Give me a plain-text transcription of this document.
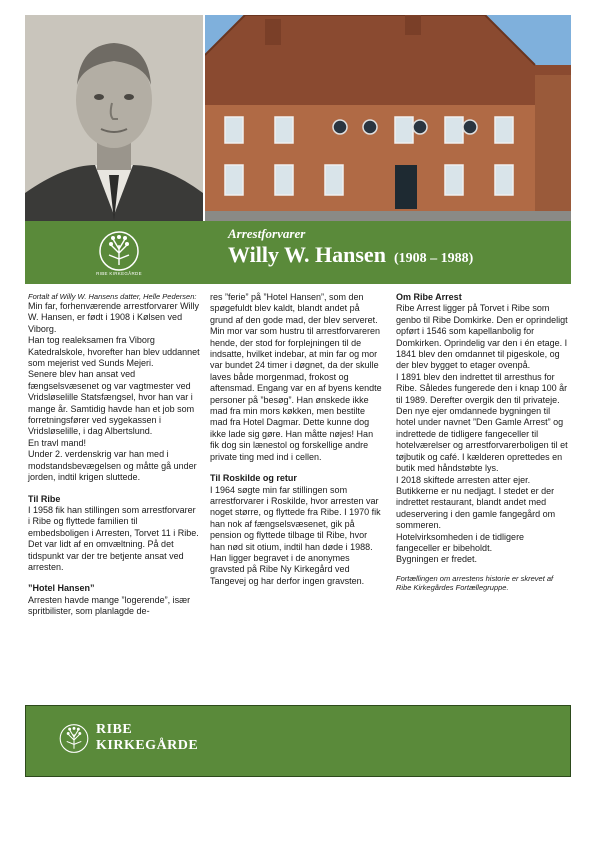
RIBE KIRKEGÅRDE
Arrestforvarer
Willy W. Hansen (1908 – 1988)

Fortalt af Willy W. Hansens datter, Helle Pedersen:

Min far, forhenværende arrestforvarer Willy W. Hansen, er født i 1908 i Kølsen ved Viborg.

Han tog realeksamen fra Viborg Katedralskole, hvorefter han blev uddannet som mejerist ved Sunds Mejeri.

Senere blev han ansat ved fængselsvæsenet og var vagtmester ved Vridsløselille Statsfængsel, hvor han var i mange år. Samtidig havde han et job som forretningsfører ved sygekassen i Vridsløselille, i dag Albertslund.

En travl mand!

Under 2. verdenskrig var han med i modstandsbevægelsen og måtte gå under jorden, indtil krigen sluttede.

Til Ribe

I 1958 fik han stillingen som arrestforvarer i Ribe og flyttede familien til embedsboligen i Arresten, Torvet 11 i Ribe. Det var lidt af en omvæltning. På det tidspunkt var der tre betjente ansat ved arresten.

”Hotel Hansen”

Arresten havde mange ”logerende”, især spritbilister, som planlagde de-

res ”ferie” på ”Hotel Hansen”, som den spøgefuldt blev kaldt, blandt andet på grund af den gode mad, der blev serveret.

Min mor var som hustru til arrestforvareren hende, der stod for forplejningen til de indsatte, hvilket indebar, at min far og mor var bundet 24 timer i døgnet, da der skulle laves både morgenmad, frokost og aftensmad. Engang var en af byens kendte personer på ”besøg”. Han ønskede ikke mad fra min mors køkken, men bestilte mad fra Hotel Dagmar. Dette kunne dog ikke lade sig gøre. Han måtte nøjes! Han fik dog sin lænestol og forskellige andre private ting med ind i cellen.

Til Roskilde og retur

I 1964 søgte min far stillingen som arrestforvarer i Roskilde, hvor arresten var noget større, og flyttede fra Ribe. I 1970 fik han nok af fængselsvæsenet, gik på pension og flyttede tilbage til Ribe, hvor han nød sit otium, indtil han døde i 1988.

Han ligger begravet i de anonymes gravsted på Ribe Ny Kirkegård ved Tangevej og har derfor ingen gravsten.

Om Ribe Arrest

Ribe Arrest ligger på Torvet i Ribe som genbo til Ribe Domkirke. Den er oprindeligt opført i 1546 som kapellanbolig for Domkirken. Oprindelig var den i én etage. I 1841 blev den omdannet til pigeskole, og der blev bygget to etager ovenpå.

I 1891 blev den indrettet til arresthus for Ribe. Således fungerede den i knap 100 år til 1989. Derefter overgik den til privateje. Den nye ejer omdannede bygningen til hotel under navnet ”Den Gamle Arrest” og indrettede de tidligere fangeceller til hotelværelser og arrestforvarerboligen til et tøjbutik og café. I kælderen oprettedes en butik med håndstøbte lys.

I 2018 skiftede arresten atter ejer. Butikkerne er nu nedjagt. I stedet er der indrettet restaurant, blandt andet med udeservering i den gamle fangegård om sommeren.

Hotelvirksomheden i de tidligere fangeceller er bibeholdt.

Bygningen er fredet.

Fortællingen om arrestens historie er skrevet af Ribe Kirkegårdes Fortællegruppe.

RIBE
KIRKEGÅRDE
